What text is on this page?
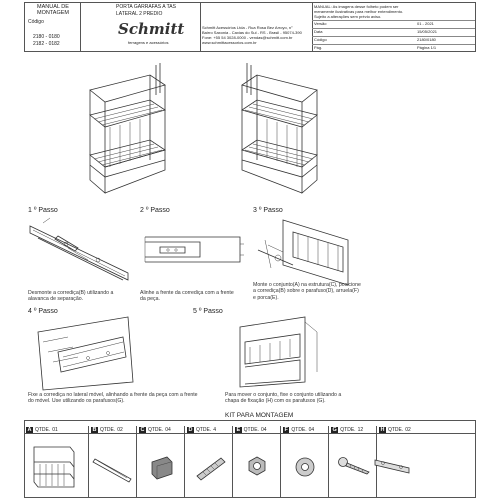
MANUAL DE MONTAGEM
Código
2180 - 0180
2182 - 0182
PORTA GARRAFAS A TAS
LATERAL 2 PREDIO
Schmitt
ferragens e acessórios
Schmitt Acessórios Ltda - Rua Rosa Bez Arroyo, n°
Bairro Saxonia - Caxias do Sul - RS - Brasil - 95074-390
Fone: +55 54 3028-0000 - vendas@schmitt.com.br
www.schmittacessorios.com.br
MANUAL: As imagens desse folheto podem ser
meramente ilustrativas para melhor entendimento.
Sujeito a alterações sem prévio aviso.
Versão	01 - 2021
Data	15/05/2021
Código	2180/0180
Pág.	Página 1/1
1 º Passo
Desmonte a corrediça(B) utilizando a alavanca de separação.
2 º Passo
Alinhe a frente da corrediça com a frente da peça.
3 º Passo
Monte o conjunto(A) na estrutura(C), posicione a corrediça(B) sobre o parafuso(D), arruela(F) e porca(E).
4 º Passo
Fixe a corrediça no lateral móvel, alinhando a frente da peça com a frente do móvel. Use utilizando os parafusos(G).
5 º Passo
Para mover o conjunto, fixe o conjunto utilizando a chapa de fixação (H) com os parafusos (G).
KIT PARA MONTAGEM
A QTDE. 01	B QTDE. 02	C QTDE. 04	D QTDE. 4	E QTDE. 04	F QTDE. 04	G QTDE. 12	H QTDE. 02
